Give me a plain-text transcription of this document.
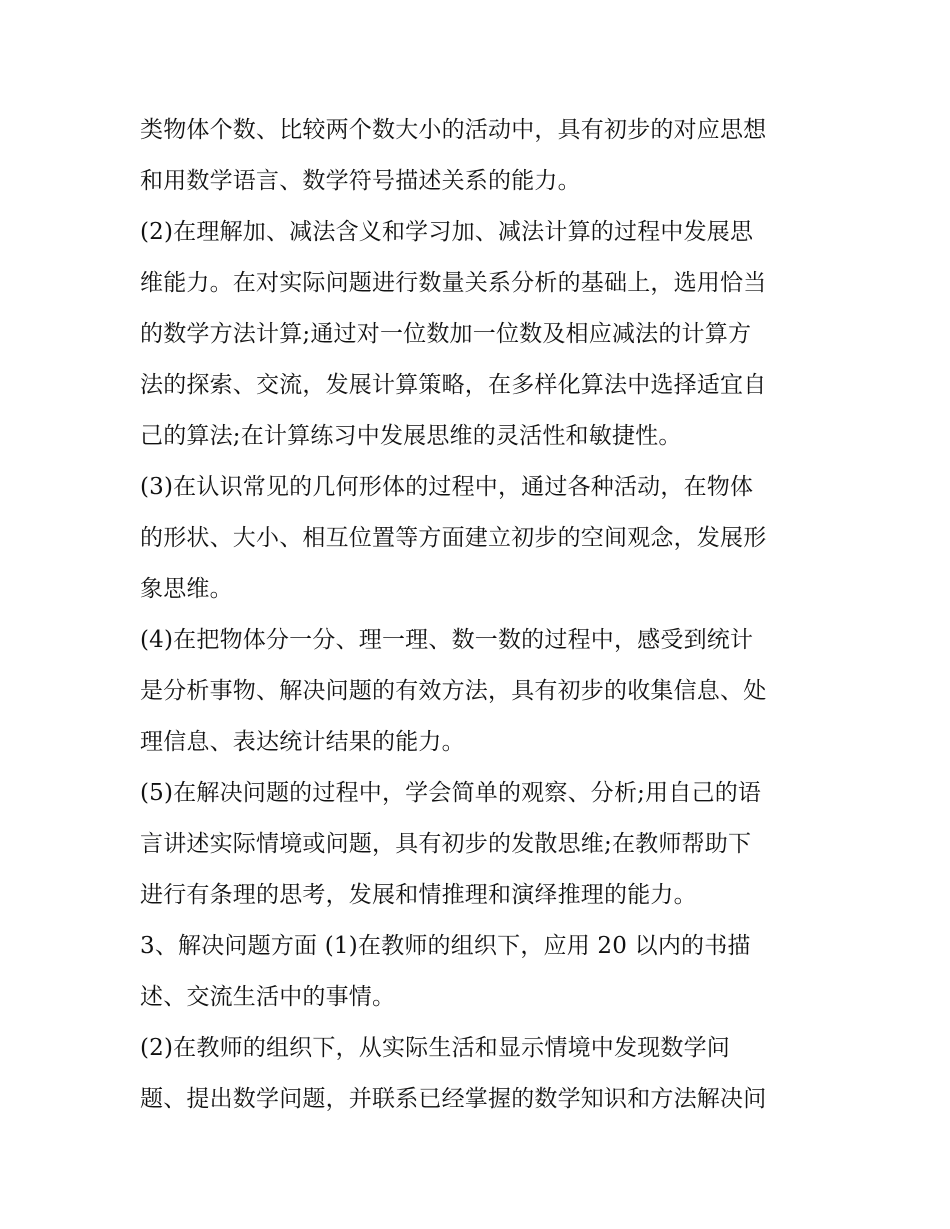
类物体个数、比较两个数大小的活动中，具有初步的对应思想
和用数学语言、数学符号描述关系的能力。
(2)在理解加、减法含义和学习加、减法计算的过程中发展思
维能力。在对实际问题进行数量关系分析的基础上，选用恰当
的数学方法计算;通过对一位数加一位数及相应减法的计算方
法的探索、交流，发展计算策略，在多样化算法中选择适宜自
己的算法;在计算练习中发展思维的灵活性和敏捷性。
(3)在认识常见的几何形体的过程中，通过各种活动，在物体
的形状、大小、相互位置等方面建立初步的空间观念，发展形
象思维。
(4)在把物体分一分、理一理、数一数的过程中，感受到统计
是分析事物、解决问题的有效方法，具有初步的收集信息、处
理信息、表达统计结果的能力。
(5)在解决问题的过程中，学会简单的观察、分析;用自己的语
言讲述实际情境或问题，具有初步的发散思维;在教师帮助下
进行有条理的思考，发展和情推理和演绎推理的能力。
3、解决问题方面 (1)在教师的组织下，应用 20 以内的书描
述、交流生活中的事情。
(2)在教师的组织下，从实际生活和显示情境中发现数学问
题、提出数学问题，并联系已经掌握的数学知识和方法解决问
